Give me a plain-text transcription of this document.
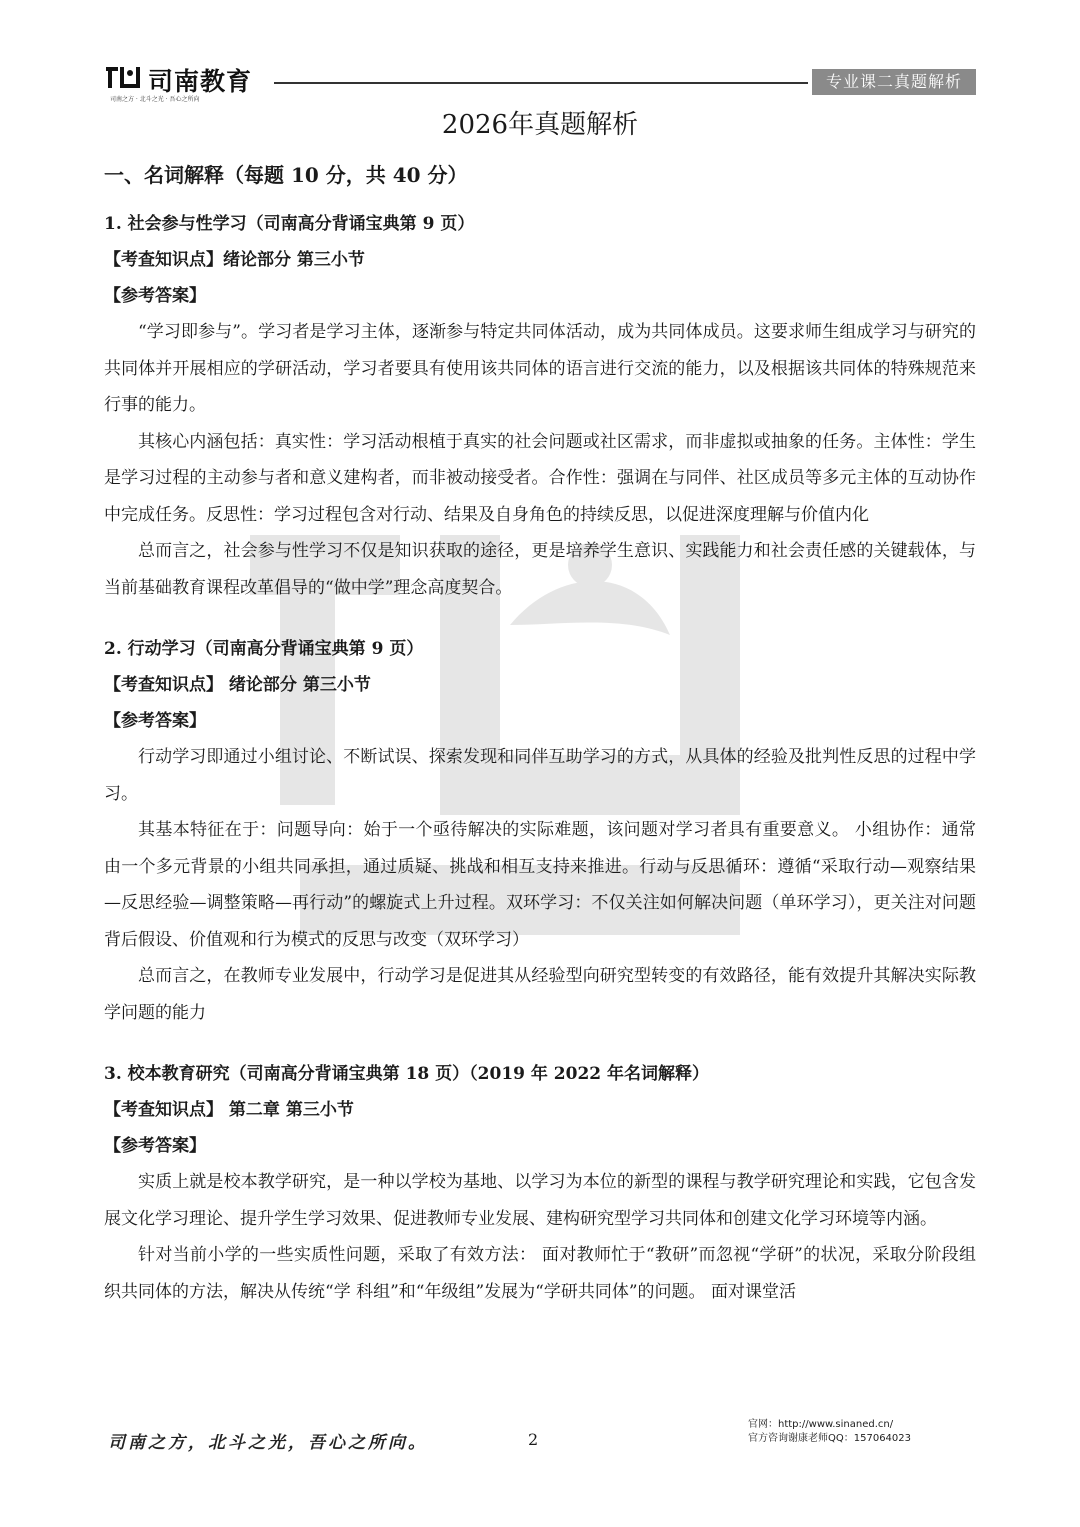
司南教育
司南之方 · 北斗之光 · 吾心之所向
专业课二真题解析
2026年真题解析
一、名词解释（每题 10 分，共 40 分）
1. 社会参与性学习（司南高分背诵宝典第 9 页）
【考查知识点】绪论部分 第三小节
【参考答案】

“学习即参与”。学习者是学习主体，逐渐参与特定共同体活动，成为共同体成员。这要求师生组成学习与研究的共同体并开展相应的学研活动，学习者要具有使用该共同体的语言进行交流的能力，以及根据该共同体的特殊规范来行事的能力。

其核心内涵包括：真实性：学习活动根植于真实的社会问题或社区需求，而非虚拟或抽象的任务。主体性：学生是学习过程的主动参与者和意义建构者，而非被动接受者。合作性：强调在与同伴、社区成员等多元主体的互动协作中完成任务。反思性：学习过程包含对行动、结果及自身角色的持续反思，以促进深度理解与价值内化

总而言之，社会参与性学习不仅是知识获取的途径，更是培养学生意识、实践能力和社会责任感的关键载体，与当前基础教育课程改革倡导的“做中学”理念高度契合。

2. 行动学习（司南高分背诵宝典第 9 页）
【考查知识点】 绪论部分 第三小节
【参考答案】

行动学习即通过小组讨论、不断试误、探索发现和同伴互助学习的方式，从具体的经验及批判性反思的过程中学习。

其基本特征在于：问题导向：始于一个亟待解决的实际难题，该问题对学习者具有重要意义。 小组协作：通常由一个多元背景的小组共同承担，通过质疑、挑战和相互支持来推进。行动与反思循环：遵循“采取行动—观察结果—反思经验—调整策略—再行动”的螺旋式上升过程。双环学习：不仅关注如何解决问题（单环学习），更关注对问题背后假设、价值观和行为模式的反思与改变（双环学习）

总而言之，在教师专业发展中，行动学习是促进其从经验型向研究型转变的有效路径，能有效提升其解决实际教学问题的能力

3. 校本教育研究（司南高分背诵宝典第 18 页）（2019 年 2022 年名词解释）
【考查知识点】 第二章 第三小节
【参考答案】

实质上就是校本教学研究，是一种以学校为基地、以学习为本位的新型的课程与教学研究理论和实践，它包含发展文化学习理论、提升学生学习效果、促进教师专业发展、建构研究型学习共同体和创建文化学习环境等内涵。

针对当前小学的一些实质性问题，采取了有效方法： 面对教师忙于“教研”而忽视“学研”的状况，采取分阶段组织共同体的方法，解决从传统“学 科组”和“年级组”发展为“学研共同体”的问题。 面对课堂活

司南之方，北斗之光，吾心之所向。	2
官网：http://www.sinaned.cn/
官方咨询谢康老师QQ：157064023
